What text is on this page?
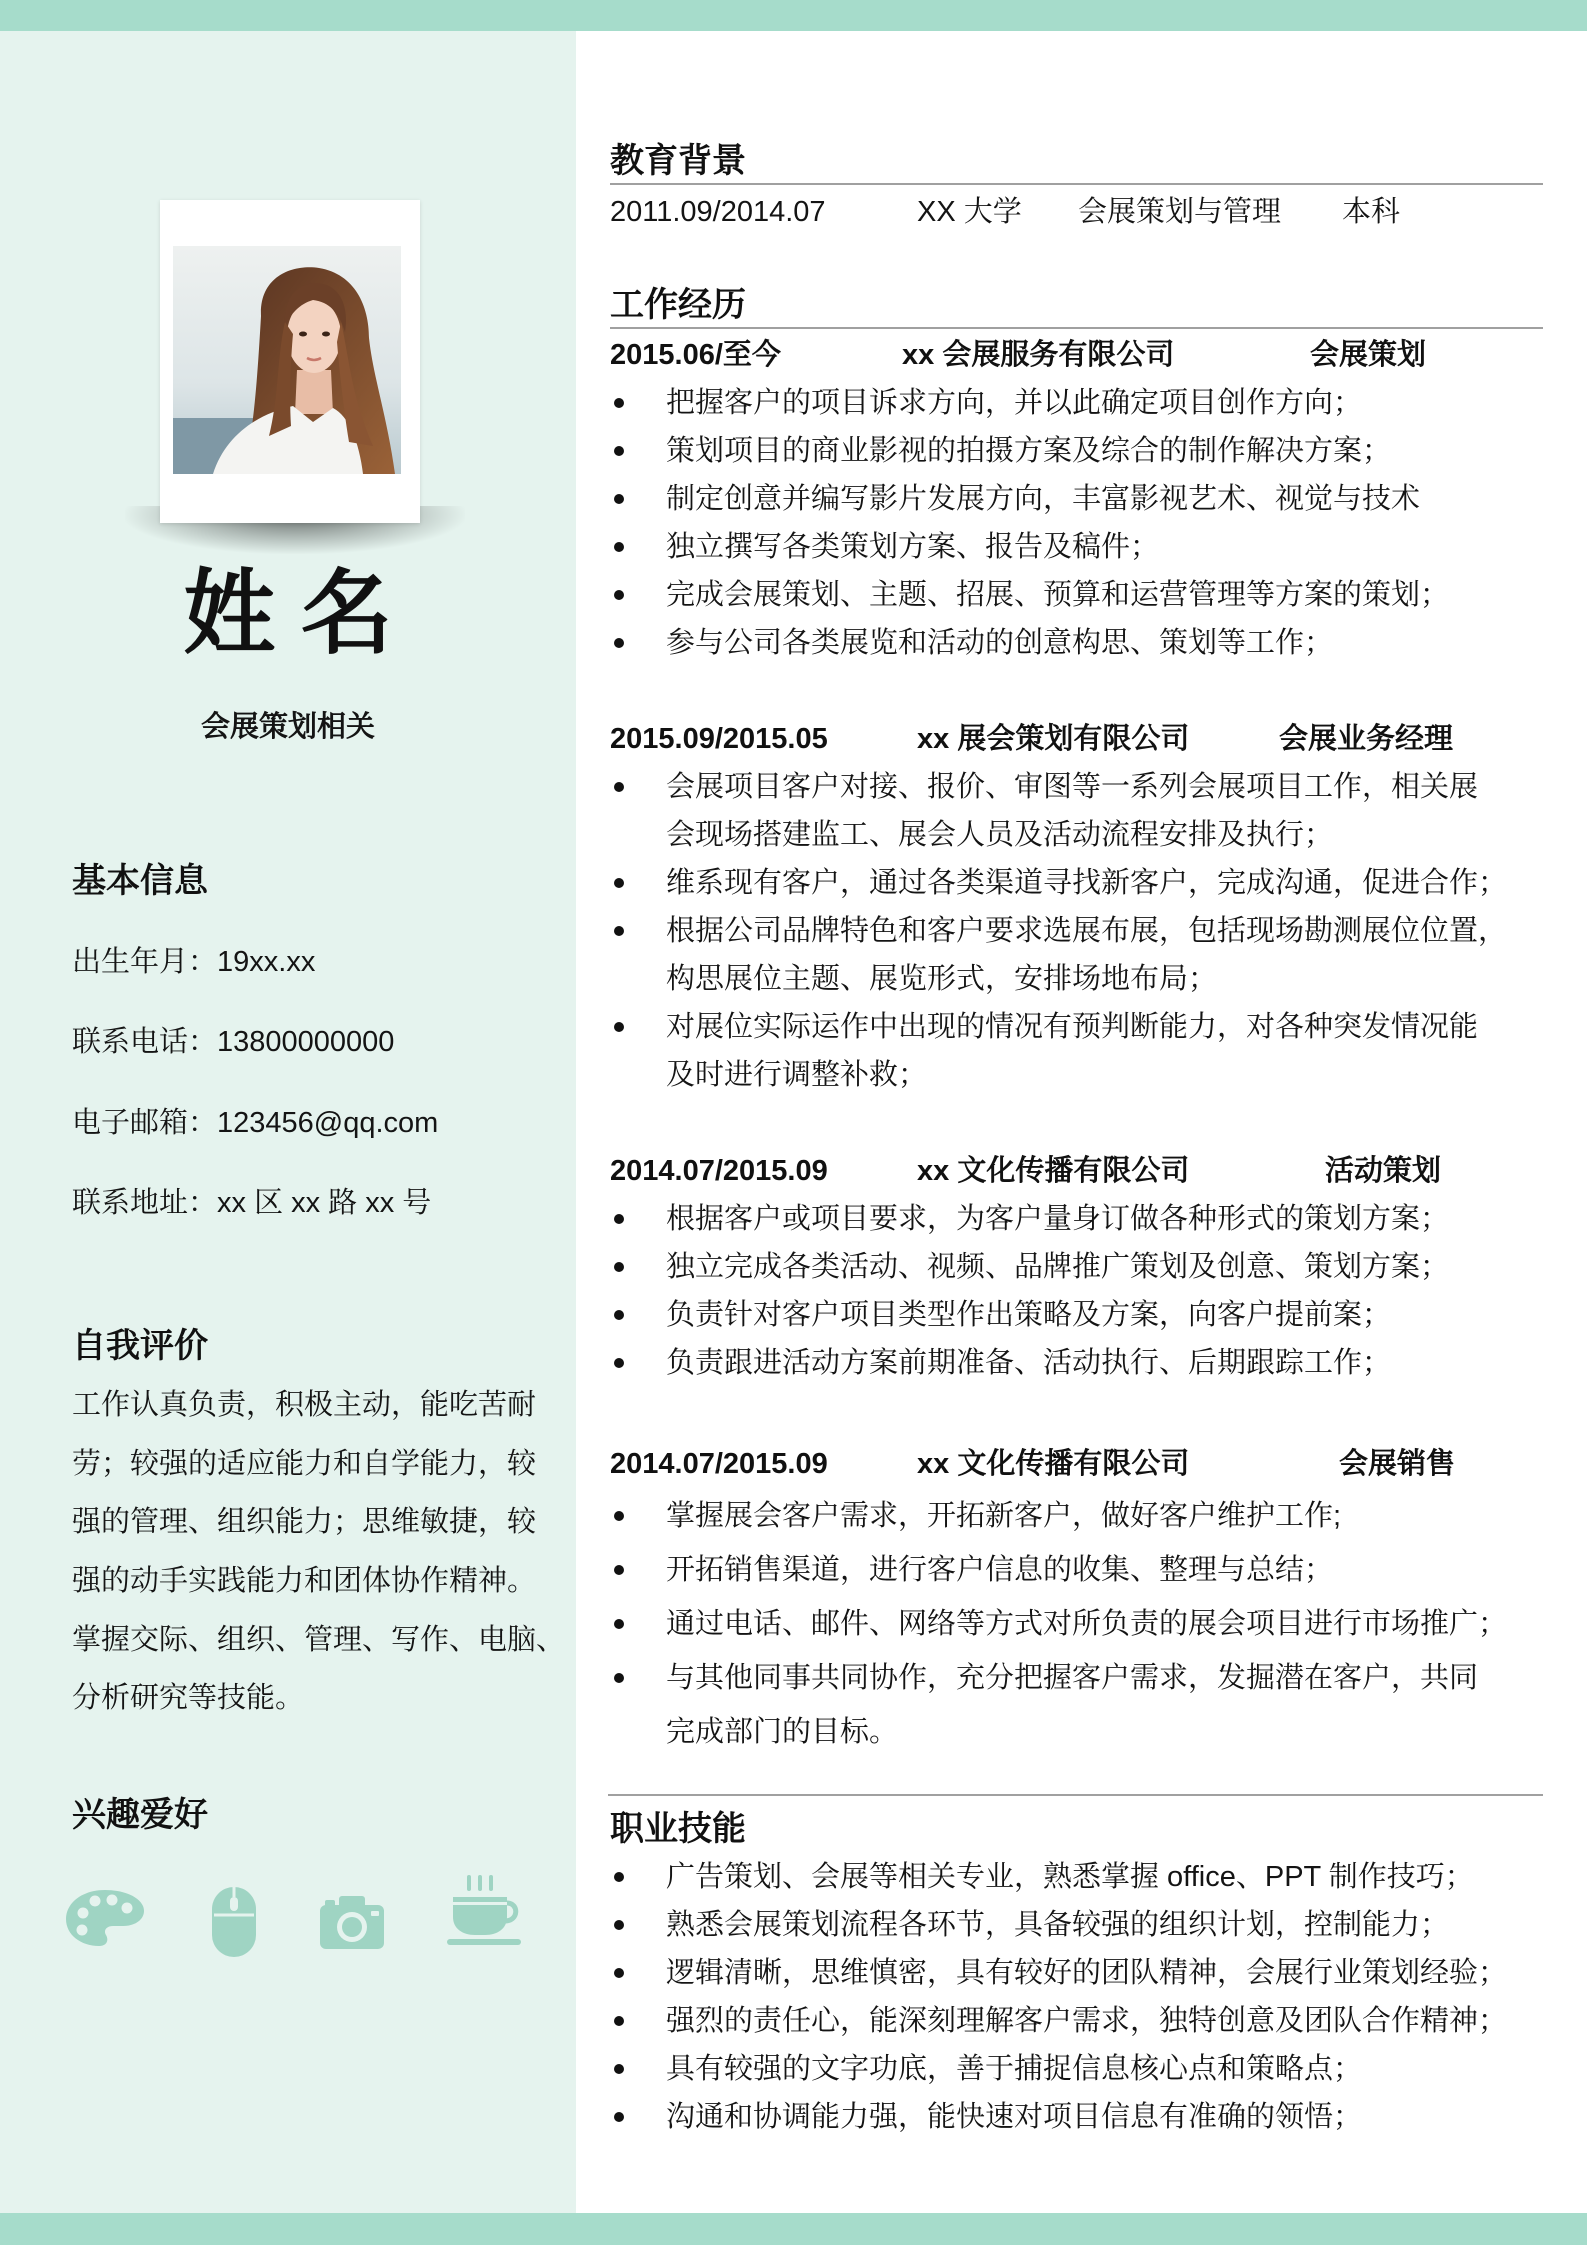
姓 名
会展策划相关
基本信息
出生年月：19xx.xx
联系电话：13800000000
电子邮箱：123456@qq.com
联系地址：xx 区 xx 路 xx 号
自我评价
工作认真负责，积极主动，能吃苦耐
劳；较强的适应能力和自学能力，较
强的管理、组织能力；思维敏捷，较
强的动手实践能力和团体协作精神。
掌握交际、组织、管理、写作、电脑、
分析研究等技能。
兴趣爱好
教育背景
2011.09/2014.07	XX 大学 会展策划与管理 本科
工作经历
2015.06/至今	xx 会展服务有限公司	会展策划
把握客户的项目诉求方向，并以此确定项目创作方向；
策划项目的商业影视的拍摄方案及综合的制作解决方案；
制定创意并编写影片发展方向，丰富影视艺术、视觉与技术
独立撰写各类策划方案、报告及稿件；
完成会展策划、主题、招展、预算和运营管理等方案的策划；
参与公司各类展览和活动的创意构思、策划等工作；
2015.09/2015.05	xx 展会策划有限公司	会展业务经理
会展项目客户对接、报价、审图等一系列会展项目工作，相关展
会现场搭建监工、展会人员及活动流程安排及执行；
维系现有客户，通过各类渠道寻找新客户，完成沟通，促进合作；
根据公司品牌特色和客户要求选展布展，包括现场勘测展位位置，
构思展位主题、展览形式，安排场地布局；
对展位实际运作中出现的情况有预判断能力，对各种突发情况能
及时进行调整补救；
2014.07/2015.09	xx 文化传播有限公司	活动策划
根据客户或项目要求，为客户量身订做各种形式的策划方案；
独立完成各类活动、视频、品牌推广策划及创意、策划方案；
负责针对客户项目类型作出策略及方案，向客户提前案；
负责跟进活动方案前期准备、活动执行、后期跟踪工作；
2014.07/2015.09	xx 文化传播有限公司	会展销售
掌握展会客户需求，开拓新客户，做好客户维护工作;
开拓销售渠道，进行客户信息的收集、整理与总结；
通过电话、邮件、网络等方式对所负责的展会项目进行市场推广；
与其他同事共同协作，充分把握客户需求，发掘潜在客户，共同
完成部门的目标。
职业技能
广告策划、会展等相关专业，熟悉掌握 office、PPT 制作技巧；
熟悉会展策划流程各环节，具备较强的组织计划，控制能力；
逻辑清晰，思维慎密，具有较好的团队精神，会展行业策划经验；
强烈的责任心，能深刻理解客户需求，独特创意及团队合作精神；
具有较强的文字功底，善于捕捉信息核心点和策略点；
沟通和协调能力强，能快速对项目信息有准确的领悟；
